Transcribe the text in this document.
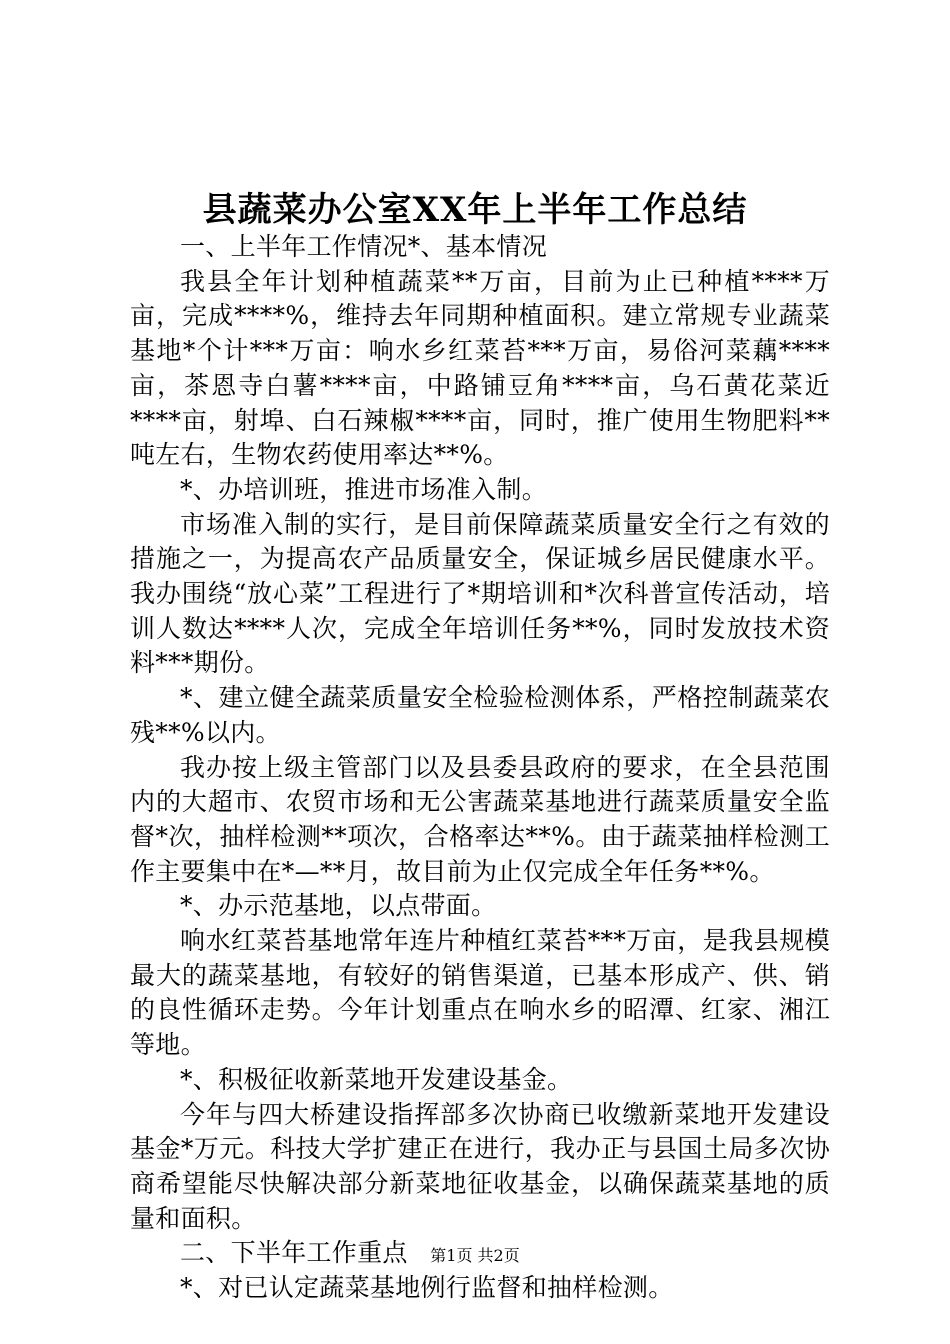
县蔬菜办公室XX年上半年工作总结

一、上半年工作情况*、基本情况

我县全年计划种植蔬菜**万亩，目前为止已种植****万亩，完成****%，维持去年同期种植面积。建立常规专业蔬菜基地*个计***万亩：响水乡红菜苔***万亩，易俗河菜藕****亩，茶恩寺白薯****亩，中路铺豆角****亩，乌石黄花菜近****亩，射埠、白石辣椒****亩，同时，推广使用生物肥料**吨左右，生物农药使用率达**%。

*、办培训班，推进市场准入制。

市场准入制的实行，是目前保障蔬菜质量安全行之有效的措施之一，为提高农产品质量安全，保证城乡居民健康水平。我办围绕“放心菜”工程进行了*期培训和*次科普宣传活动，培训人数达****人次，完成全年培训任务**%，同时发放技术资料***期份。

*、建立健全蔬菜质量安全检验检测体系，严格控制蔬菜农残**%以内。

我办按上级主管部门以及县委县政府的要求，在全县范围内的大超市、农贸市场和无公害蔬菜基地进行蔬菜质量安全监督*次，抽样检测**项次，合格率达**%。由于蔬菜抽样检测工作主要集中在*—**月，故目前为止仅完成全年任务**%。

*、办示范基地，以点带面。

响水红菜苔基地常年连片种植红菜苔***万亩，是我县规模最大的蔬菜基地，有较好的销售渠道，已基本形成产、供、销的良性循环走势。今年计划重点在响水乡的昭潭、红家、湘江等地。

*、积极征收新菜地开发建设基金。

今年与四大桥建设指挥部多次协商已收缴新菜地开发建设基金*万元。科技大学扩建正在进行，我办正与县国土局多次协商希望能尽快解决部分新菜地征收基金，以确保蔬菜基地的质量和面积。

二、下半年工作重点

*、对已认定蔬菜基地例行监督和抽样检测。

第1页 共2页
